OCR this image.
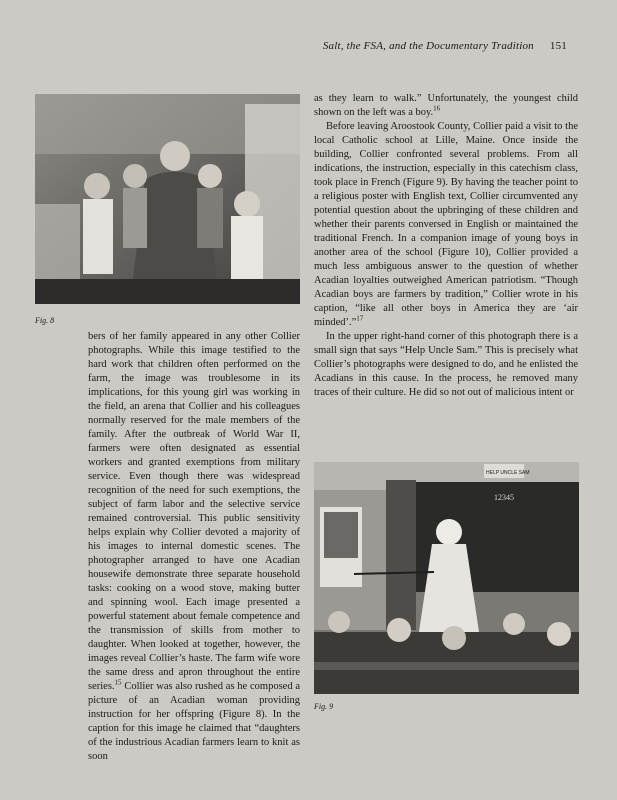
Salt, the FSA, and the Documentary Tradition 151
Fig. 8

bers of her family appeared in any other Collier photographs. While this image testified to the hard work that children often performed on the farm, the image was troublesome in its implications, for this young girl was working in the field, an arena that Collier and his colleagues normally reserved for the male members of the family. After the outbreak of World War II, farmers were often designated as essential workers and granted exemptions from military service. Even though there was widespread recognition of the need for such exemptions, the subject of farm labor and the selective service remained controversial. This public sensitivity helps explain why Collier devoted a majority of his images to internal domestic scenes. The photographer arranged to have one Acadian housewife demonstrate three separate household tasks: cooking on a wood stove, making butter and spinning wool. Each image presented a powerful statement about female competence and the transmission of skills from mother to daughter. When looked at together, however, the images reveal Collier’s haste. The farm wife wore the same dress and apron throughout the entire series.$^{15}$ Collier was also rushed as he composed a picture of an Acadian woman providing instruction for her offspring (Figure 8). In the caption for this image he claimed that “daughters of the industrious Acadian farmers learn to knit as soon

as they learn to walk.” Unfortunately, the youngest child shown on the left was a boy.$^{16}$

Before leaving Aroostook County, Collier paid a visit to the local Catholic school at Lille, Maine. Once inside the building, Collier confronted several problems. From all indications, the instruction, especially in this catechism class, took place in French (Figure 9). By having the teacher point to a religious poster with English text, Collier circumvented any potential question about the upbringing of these children and whether their parents conversed in English or maintained the traditional French. In a companion image of young boys in another area of the school (Figure 10), Collier provided a much less ambiguous answer to the question of whether Acadian loyalties outweighed American patriotism. “Though Acadian boys are farmers by tradition,” Collier wrote in his caption, “like all other boys in America they are ‘air minded’.”$^{17}$

In the upper right-hand corner of this photograph there is a small sign that says “Help Uncle Sam.” This is precisely what Collier’s photographs were designed to do, and he enlisted the Acadians in this cause. In the process, he removed many traces of their culture. He did so not out of malicious intent or

12345
HELP UNCLE SAM
Fig. 9
